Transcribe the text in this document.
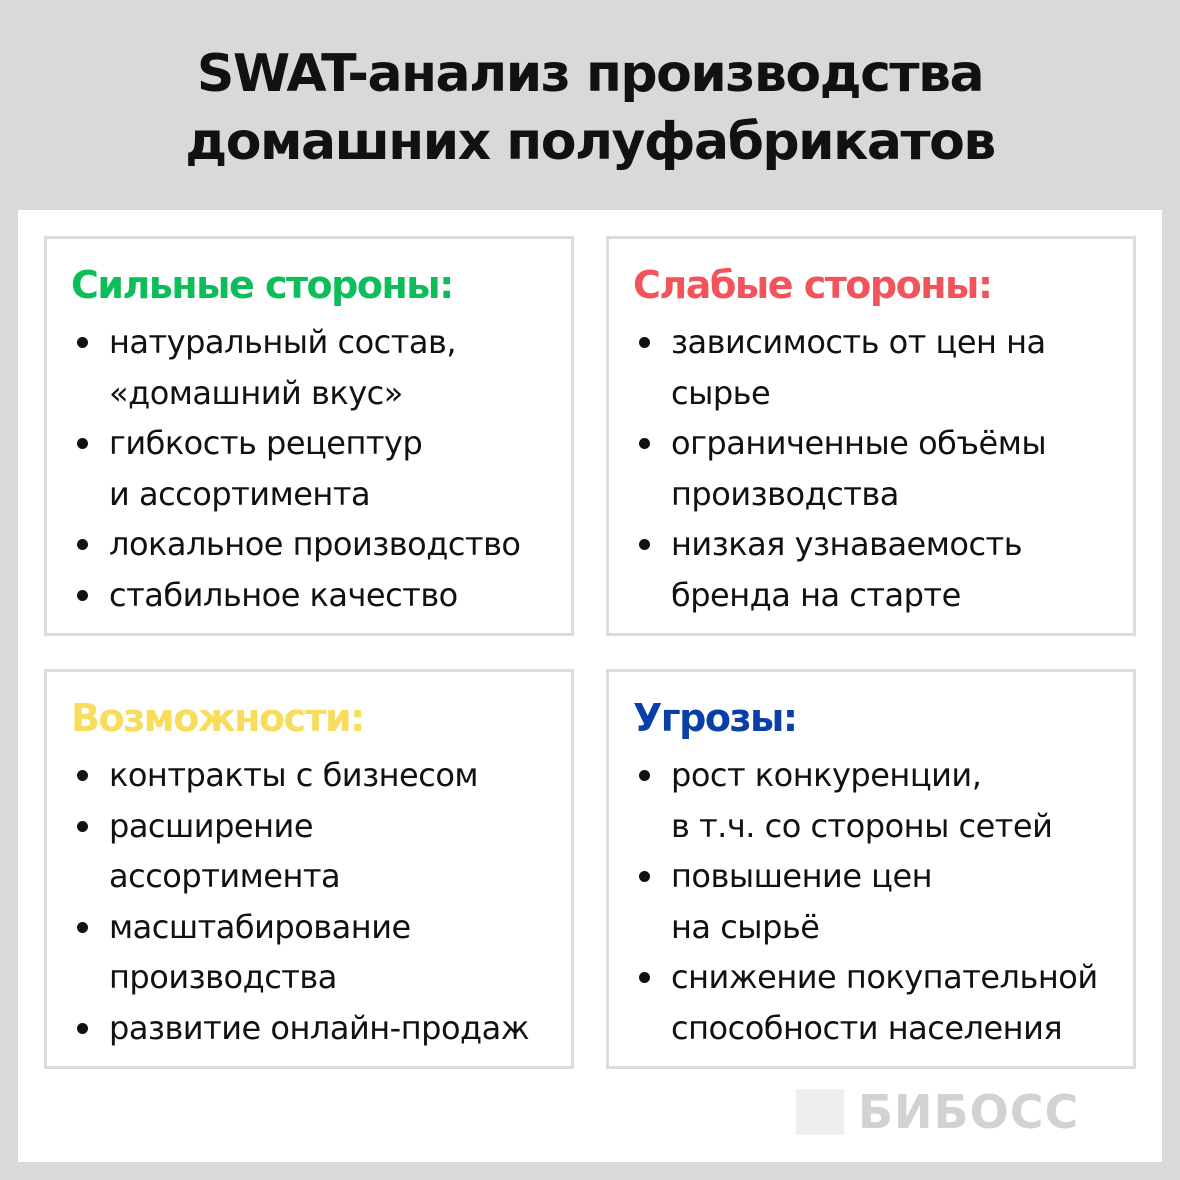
SWAT-анализ производства
домашних полуфабрикатов
Сильные стороны:
натуральный состав,
«домашний вкус»
гибкость рецептур
и ассортимента
локальное производство
стабильное качество
Слабые стороны:
зависимость от цен на
сырье
ограниченные объёмы
производства
низкая узнаваемость
бренда на старте
Возможности:
контракты с бизнесом
расширение
ассортимента
масштабирование
производства
развитие онлайн-продаж
Угрозы:
рост конкуренции,
в т.ч. со стороны сетей
повышение цен
на сырьё
снижение покупательной
способности населения
БИБОСС
